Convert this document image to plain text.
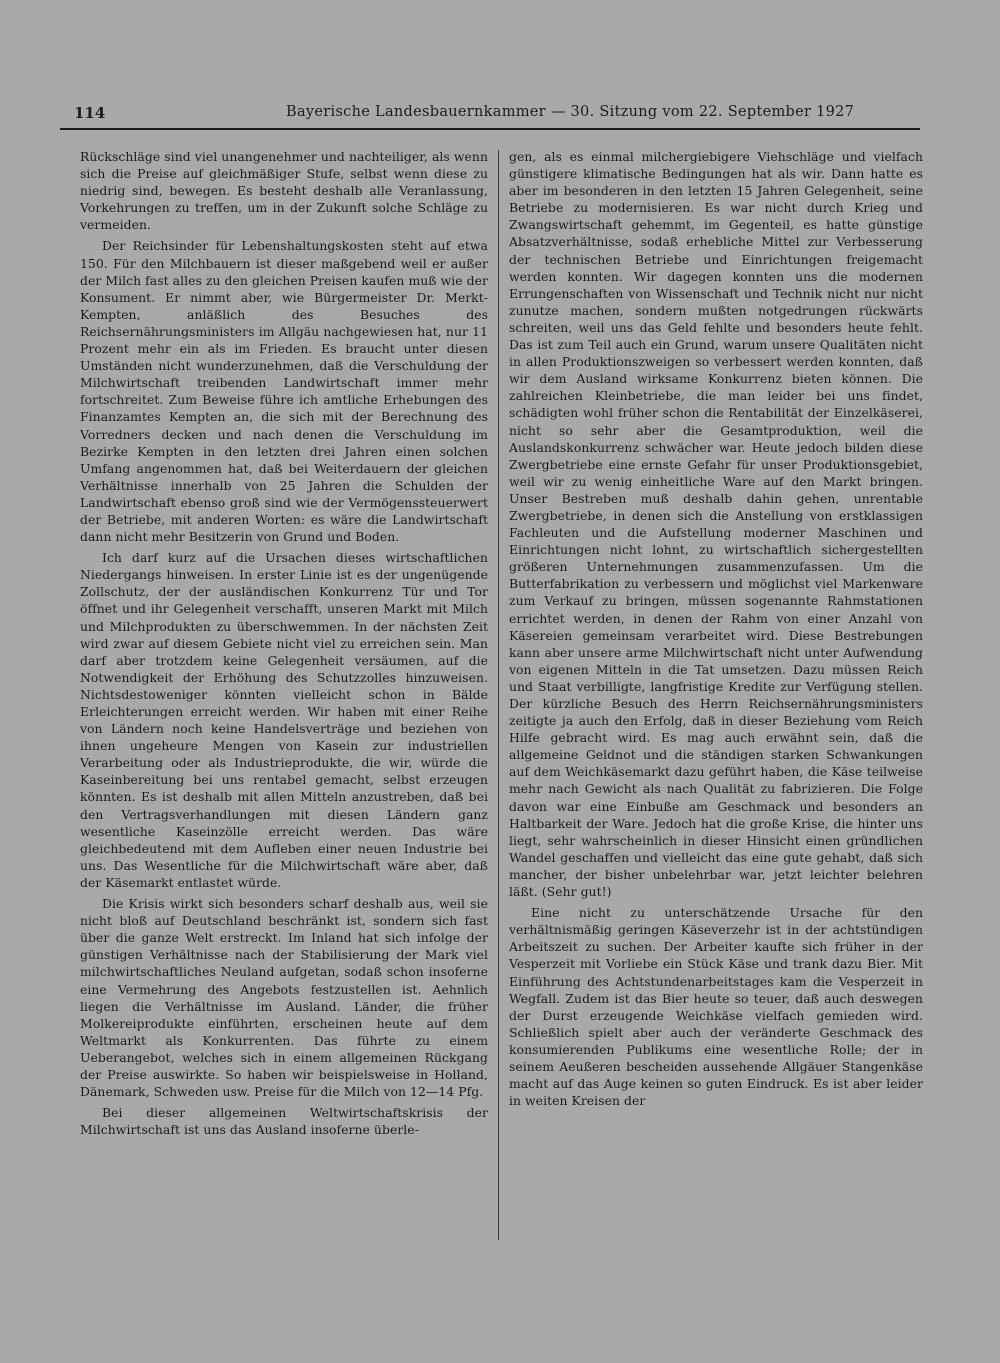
114	Bayerische Landesbauernkammer — 30. Sitzung vom 22. September 1927

Rückschläge sind viel unangenehmer und nachteiliger, als wenn sich die Preise auf gleichmäßiger Stufe, selbst wenn diese zu niedrig sind, bewegen. Es besteht deshalb alle Veranlassung, Vorkehrungen zu treffen, um in der Zukunft solche Schläge zu vermeiden.

Der Reichsinder für Lebenshaltungskosten steht auf etwa 150. Für den Milchbauern ist dieser maßgebend weil er außer der Milch fast alles zu den gleichen Preisen kaufen muß wie der Konsument. Er nimmt aber, wie Bürgermeister Dr. Merkt-Kempten, anläßlich des Besuches des Reichsernährungsministers im Allgäu nachgewiesen hat, nur 11 Prozent mehr ein als im Frieden. Es braucht unter diesen Umständen nicht wunderzunehmen, daß die Verschuldung der Milchwirtschaft treibenden Landwirtschaft immer mehr fortschreitet. Zum Beweise führe ich amtliche Erhebungen des Finanzamtes Kempten an, die sich mit der Berechnung des Vorredners decken und nach denen die Verschuldung im Bezirke Kempten in den letzten drei Jahren einen solchen Umfang angenommen hat, daß bei Weiterdauern der gleichen Verhältnisse innerhalb von 25 Jahren die Schulden der Landwirtschaft ebenso groß sind wie der Vermögenssteuerwert der Betriebe, mit anderen Worten: es wäre die Landwirtschaft dann nicht mehr Besitzerin von Grund und Boden.

Ich darf kurz auf die Ursachen dieses wirtschaftlichen Niedergangs hinweisen. In erster Linie ist es der ungenügende Zollschutz, der der ausländischen Konkurrenz Tür und Tor öffnet und ihr Gelegenheit verschafft, unseren Markt mit Milch und Milchprodukten zu überschwemmen. In der nächsten Zeit wird zwar auf diesem Gebiete nicht viel zu erreichen sein. Man darf aber trotzdem keine Gelegenheit versäumen, auf die Notwendigkeit der Erhöhung des Schutzzolles hinzuweisen. Nichtsdestoweniger könnten vielleicht schon in Bälde Erleichterungen erreicht werden. Wir haben mit einer Reihe von Ländern noch keine Handelsverträge und beziehen von ihnen ungeheure Mengen von Kasein zur industriellen Verarbeitung oder als Industrieprodukte, die wir, würde die Kaseinbereitung bei uns rentabel gemacht, selbst erzeugen könnten. Es ist deshalb mit allen Mitteln anzustreben, daß bei den Vertragsverhandlungen mit diesen Ländern ganz wesentliche Kaseinzölle erreicht werden. Das wäre gleichbedeutend mit dem Aufleben einer neuen Industrie bei uns. Das Wesentliche für die Milchwirtschaft wäre aber, daß der Käsemarkt entlastet würde.

Die Krisis wirkt sich besonders scharf deshalb aus, weil sie nicht bloß auf Deutschland beschränkt ist, sondern sich fast über die ganze Welt erstreckt. Im Inland hat sich infolge der günstigen Verhältnisse nach der Stabilisierung der Mark viel milchwirtschaftliches Neuland aufgetan, sodaß schon insoferne eine Vermehrung des Angebots festzustellen ist. Aehnlich liegen die Verhältnisse im Ausland. Länder, die früher Molkereiprodukte einführten, erscheinen heute auf dem Weltmarkt als Konkurrenten. Das führte zu einem Ueberangebot, welches sich in einem allgemeinen Rückgang der Preise auswirkte. So haben wir beispielsweise in Holland, Dänemark, Schweden usw. Preise für die Milch von 12—14 Pfg.

Bei dieser allgemeinen Weltwirtschaftskrisis der Milchwirtschaft ist uns das Ausland insoferne überle-

gen, als es einmal milchergiebigere Viehschläge und vielfach günstigere klimatische Bedingungen hat als wir. Dann hatte es aber im besonderen in den letzten 15 Jahren Gelegenheit, seine Betriebe zu modernisieren. Es war nicht durch Krieg und Zwangswirtschaft gehemmt, im Gegenteil, es hatte günstige Absatzverhältnisse, sodaß erhebliche Mittel zur Verbesserung der technischen Betriebe und Einrichtungen freigemacht werden konnten. Wir dagegen konnten uns die modernen Errungenschaften von Wissenschaft und Technik nicht nur nicht zunutze machen, sondern mußten notgedrungen rückwärts schreiten, weil uns das Geld fehlte und besonders heute fehlt. Das ist zum Teil auch ein Grund, warum unsere Qualitäten nicht in allen Produktionszweigen so verbessert werden konnten, daß wir dem Ausland wirksame Konkurrenz bieten können. Die zahlreichen Kleinbetriebe, die man leider bei uns findet, schädigten wohl früher schon die Rentabilität der Einzelkäserei, nicht so sehr aber die Gesamtproduktion, weil die Auslandskonkurrenz schwächer war. Heute jedoch bilden diese Zwergbetriebe eine ernste Gefahr für unser Produktionsgebiet, weil wir zu wenig einheitliche Ware auf den Markt bringen. Unser Bestreben muß deshalb dahin gehen, unrentable Zwergbetriebe, in denen sich die Anstellung von erstklassigen Fachleuten und die Aufstellung moderner Maschinen und Einrichtungen nicht lohnt, zu wirtschaftlich sichergestellten größeren Unternehmungen zusammenzufassen. Um die Butterfabrikation zu verbessern und möglichst viel Markenware zum Verkauf zu bringen, müssen sogenannte Rahmstationen errichtet werden, in denen der Rahm von einer Anzahl von Käsereien gemeinsam verarbeitet wird. Diese Bestrebungen kann aber unsere arme Milchwirtschaft nicht unter Aufwendung von eigenen Mitteln in die Tat umsetzen. Dazu müssen Reich und Staat verbilligte, langfristige Kredite zur Verfügung stellen. Der kürzliche Besuch des Herrn Reichsernährungsministers zeitigte ja auch den Erfolg, daß in dieser Beziehung vom Reich Hilfe gebracht wird. Es mag auch erwähnt sein, daß die allgemeine Geldnot und die ständigen starken Schwankungen auf dem Weichkäsemarkt dazu geführt haben, die Käse teilweise mehr nach Gewicht als nach Qualität zu fabrizieren. Die Folge davon war eine Einbuße am Geschmack und besonders an Haltbarkeit der Ware. Jedoch hat die große Krise, die hinter uns liegt, sehr wahrscheinlich in dieser Hinsicht einen gründlichen Wandel geschaffen und vielleicht das eine gute gehabt, daß sich mancher, der bisher unbelehrbar war, jetzt leichter belehren läßt. (Sehr gut!)

Eine nicht zu unterschätzende Ursache für den verhältnismäßig geringen Käseverzehr ist in der achtstündigen Arbeitszeit zu suchen. Der Arbeiter kaufte sich früher in der Vesperzeit mit Vorliebe ein Stück Käse und trank dazu Bier. Mit Einführung des Achtstundenarbeitstages kam die Vesperzeit in Wegfall. Zudem ist das Bier heute so teuer, daß auch deswegen der Durst erzeugende Weichkäse vielfach gemieden wird. Schließlich spielt aber auch der veränderte Geschmack des konsumierenden Publikums eine wesentliche Rolle; der in seinem Aeußeren bescheiden aussehende Allgäuer Stangenkäse macht auf das Auge keinen so guten Eindruck. Es ist aber leider in weiten Kreisen der
